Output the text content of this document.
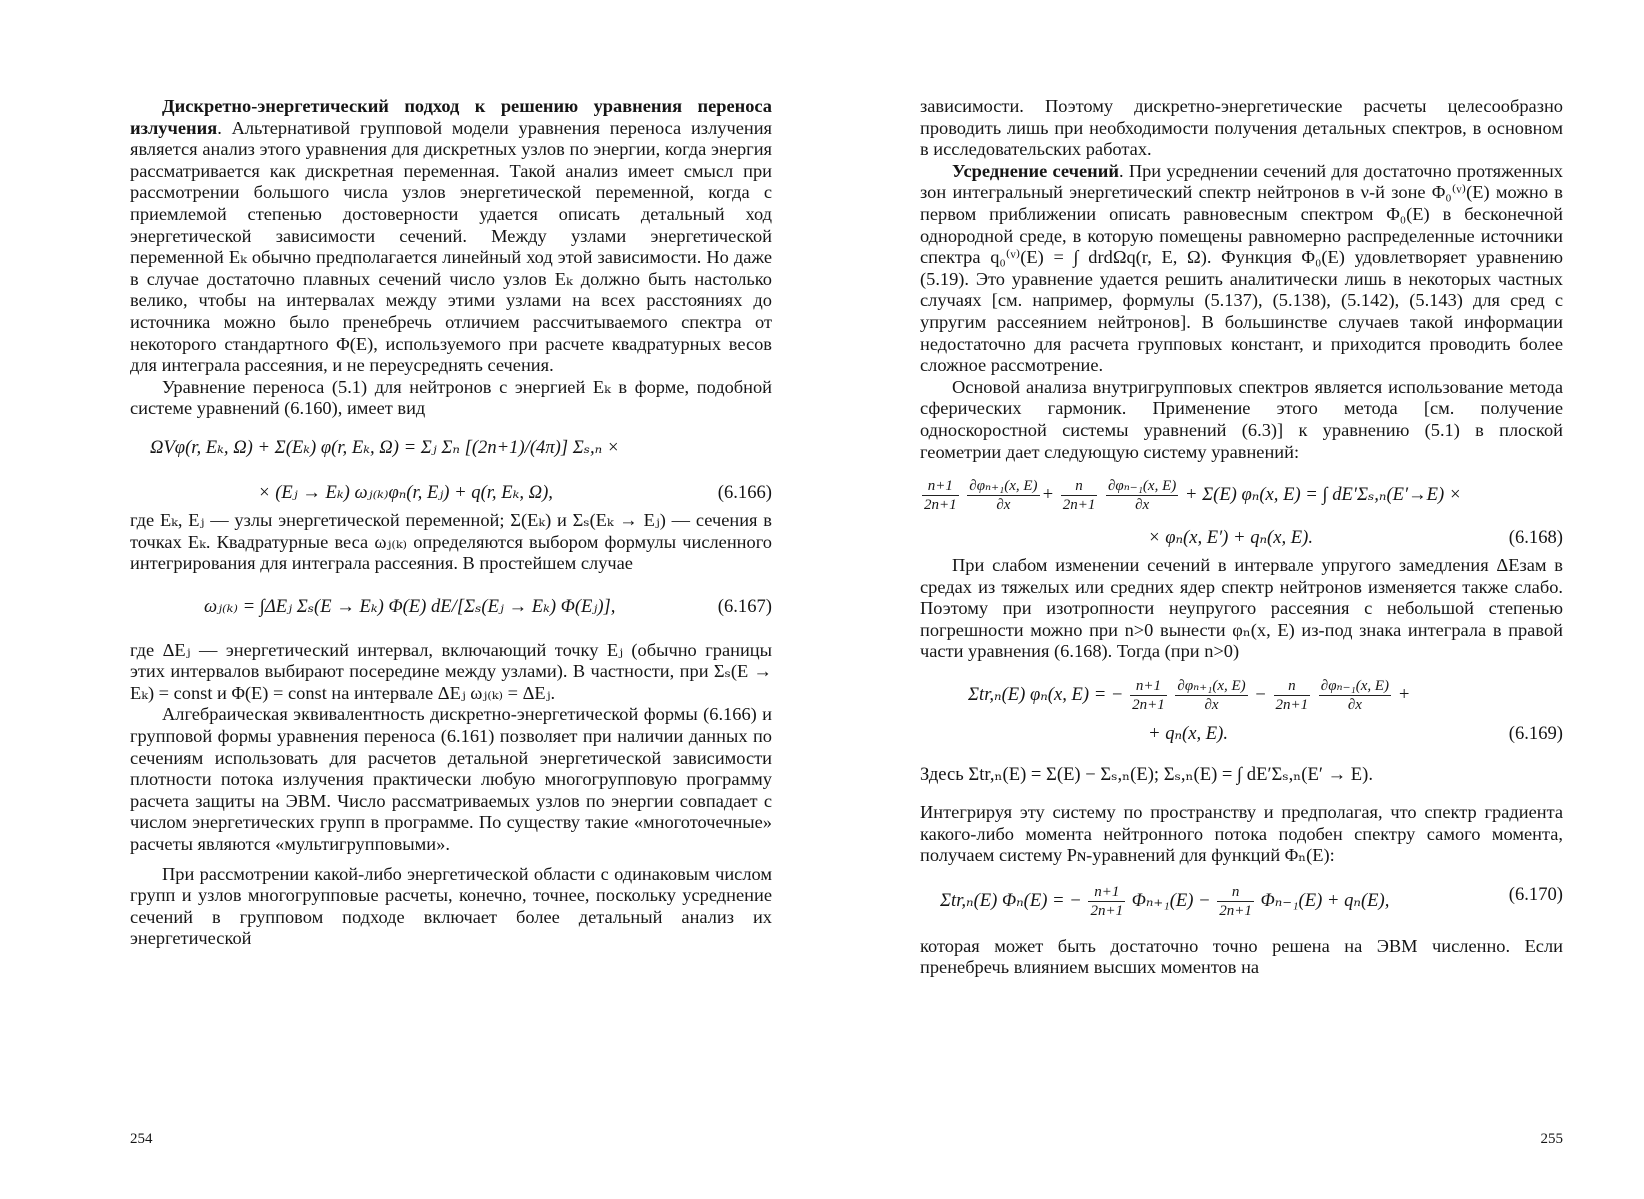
Дискретно-энергетический подход к решению уравнения переноса излучения. Альтернативой групповой модели уравнения переноса излучения является анализ этого уравнения для дискретных узлов по энергии, когда энергия рассматривается как дискретная переменная. Такой анализ имеет смысл при рассмотрении большого числа узлов энергетической переменной, когда с приемлемой степенью достоверности удается описать детальный ход энергетической зависимости сечений. Между узлами энергетической переменной Eₖ обычно предполагается линейный ход этой зависимости. Но даже в случае достаточно плавных сечений число узлов Eₖ должно быть настолько велико, чтобы на интервалах между этими узлами на всех расстояниях до источника можно было пренебречь отличием рассчитываемого спектра от некоторого стандартного Φ(E), используемого при расчете квадратурных весов для интеграла рассеяния, и не переусреднять сечения.

Уравнение переноса (5.1) для нейтронов с энергией Eₖ в форме, подобной системе уравнений (6.160), имеет вид

ΩVφ(r, Eₖ, Ω) + Σ(Eₖ) φ(r, Eₖ, Ω) = Σⱼ Σₙ [(2n+1)/(4π)] Σₛ,ₙ ×
× (Eⱼ → Eₖ) ωⱼ₍ₖ₎φₙ(r, Eⱼ) + q(r, Eₖ, Ω),	(6.166)

где Eₖ, Eⱼ — узлы энергетической переменной; Σ(Eₖ) и Σₛ(Eₖ → Eⱼ) — сечения в точках Eₖ. Квадратурные веса ωⱼ₍ₖ₎ определяются выбором формулы численного интегрирования для интеграла рассеяния. В простейшем случае

ωⱼ₍ₖ₎ = ∫ΔEⱼ Σₛ(E → Eₖ) Φ(E) dE/[Σₛ(Eⱼ → Eₖ) Φ(Eⱼ)],	(6.167)

где ΔEⱼ — энергетический интервал, включающий точку Eⱼ (обычно границы этих интервалов выбирают посередине между узлами). В частности, при Σₛ(E → Eₖ) = const и Φ(E) = const на интервале ΔEⱼ ωⱼ₍ₖ₎ = ΔEⱼ.

Алгебраическая эквивалентность дискретно-энергетической формы (6.166) и групповой формы уравнения переноса (6.161) позволяет при наличии данных по сечениям использовать для расчетов детальной энергетической зависимости плотности потока излучения практически любую многогрупповую программу расчета защиты на ЭВМ. Число рассматриваемых узлов по энергии совпадает с числом энергетических групп в программе. По существу такие «многоточечные» расчеты являются «мультигрупповыми».

При рассмотрении какой-либо энергетической области с одинаковым числом групп и узлов многогрупповые расчеты, конечно, точнее, поскольку усреднение сечений в групповом подходе включает более детальный анализ их энергетической

254

зависимости. Поэтому дискретно-энергетические расчеты целесообразно проводить лишь при необходимости получения детальных спектров, в основном в исследовательских работах.

Усреднение сечений. При усреднении сечений для достаточно протяженных зон интегральный энергетический спектр нейтронов в ν-й зоне Φ₀⁽ᵛ⁾(E) можно в первом приближении описать равновесным спектром Φ₀(E) в бесконечной однородной среде, в которую помещены равномерно распределенные источники спектра q₀⁽ᵛ⁾(E) = ∫ drdΩq(r, E, Ω). Функция Φ₀(E) удовлетворяет уравнению (5.19). Это уравнение удается решить аналитически лишь в некоторых частных случаях [см. например, формулы (5.137), (5.138), (5.142), (5.143) для сред с упругим рассеянием нейтронов]. В большинстве случаев такой информации недостаточно для расчета групповых констант, и приходится проводить более сложное рассмотрение.

Основой анализа внутригрупповых спектров является использование метода сферических гармоник. Применение этого метода [см. получение односкоростной системы уравнений (6.3)] к уравнению (5.1) в плоской геометрии дает следующую систему уравнений:

$\frac{n+1}{2n+1}$
$\frac{\text{∂φₙ₊₁(x, E)}}{\partial x} + \frac{n}{2n+1}$
$\frac{\text{∂φₙ₋₁(x, E)}}{\partial x} + \Sigma(E)$ φₙ(x, E) = ∫ dE′Σₛ,ₙ(E′→E) ×
× φₙ(x, E′) + qₙ(x, E).	(6.168)

При слабом изменении сечений в интервале упругого замедления ΔEзам в средах из тяжелых или средних ядер спектр нейтронов изменяется также слабо. Поэтому при изотропности неупругого рассеяния с небольшой степенью погрешности можно при n>0 вынести φₙ(x, E) из-под знака интеграла в правой части уравнения (6.168). Тогда (при n>0)

Σtr,ₙ(E) φₙ(x, E) = − $\frac{n+1}{2n+1}$
$\frac{\text{∂φₙ₊₁(x, E)}}{\partial x} - \frac{n}{2n+1}$
$\frac{\text{∂φₙ₋₁(x, E)}}{\partial x}$ +
+ qₙ(x, E).	(6.169)
Здесь Σtr,ₙ(E) = Σ(E) − Σₛ,ₙ(E); Σₛ,ₙ(E) = ∫ dE′Σₛ,ₙ(E′ → E).

Интегрируя эту систему по пространству и предполагая, что спектр градиента какого-либо момента нейтронного потока подобен спектру самого момента, получаем систему Pɴ-уравнений для функций Φₙ(E):

Σtr,ₙ(E) Φₙ(E) = − $\frac{n+1}{2n+1} \Phi_{n+1}(E) - \frac{n}{2n+1} \Phi_{n-1}(E) + q_n(E)$,	(6.170)

которая может быть достаточно точно решена на ЭВМ численно. Если пренебречь влиянием высших моментов на

255
